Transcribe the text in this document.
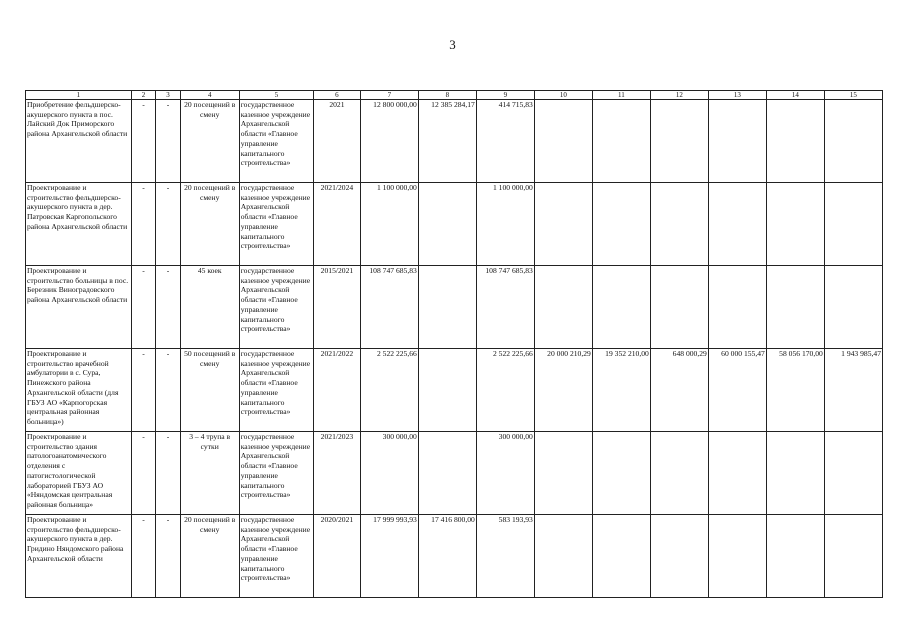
3
1	2	3	4	5	6	7	8	9	10	11	12	13	14	15
Приобретение фельдшерско-акушерского пункта в пос. Лайский Док Приморского района Архангельской области	-	-	20 посещений в смену	государственное казенное учреждение Архангельской области «Главное управление капитального строительства»	2021	12 800 000,00	12 385 284,17	414 715,83						
Проектирование и строительство фельдшерско-акушерского пункта в дер. Патровская Каргопольского района Архангельской области	-	-	20 посещений в смену	государственное казенное учреждение Архангельской области «Главное управление капитального строительства»	2021/2024	1 100 000,00		1 100 000,00						
Проектирование и строительство больницы в пос. Березник Виноградовского района Архангельской области	-	-	45 коек	государственное казенное учреждение Архангельской области «Главное управление капитального строительства»	2015/2021	108 747 685,83		108 747 685,83						
Проектирование и строительство врачебной амбулатории в с. Сура, Пинежского района Архангельской области (для ГБУЗ АО «Карпогорская центральная районная больница»)	-	-	50 посещений в смену	государственное казенное учреждение Архангельской области «Главное управление капитального строительства»	2021/2022	2 522 225,66		2 522 225,66	20 000 210,29	19 352 210,00	648 000,29	60 000 155,47	58 056 170,00	1 943 985,47
Проектирование и строительство здания патологоанатомического отделения с патогистологической лабораторией ГБУЗ АО «Няндомская центральная районная больница»	-	-	3 – 4 трупа в сутки	государственное казенное учреждение Архангельской области «Главное управление капитального строительства»	2021/2023	300 000,00		300 000,00						
Проектирование и строительство фельдшерско-акушерского пункта в дер. Гридино Няндомского района Архангельской области	-	-	20 посещений в смену	государственное казенное учреждение Архангельской области «Главное управление капитального строительства»	2020/2021	17 999 993,93	17 416 800,00	583 193,93						
